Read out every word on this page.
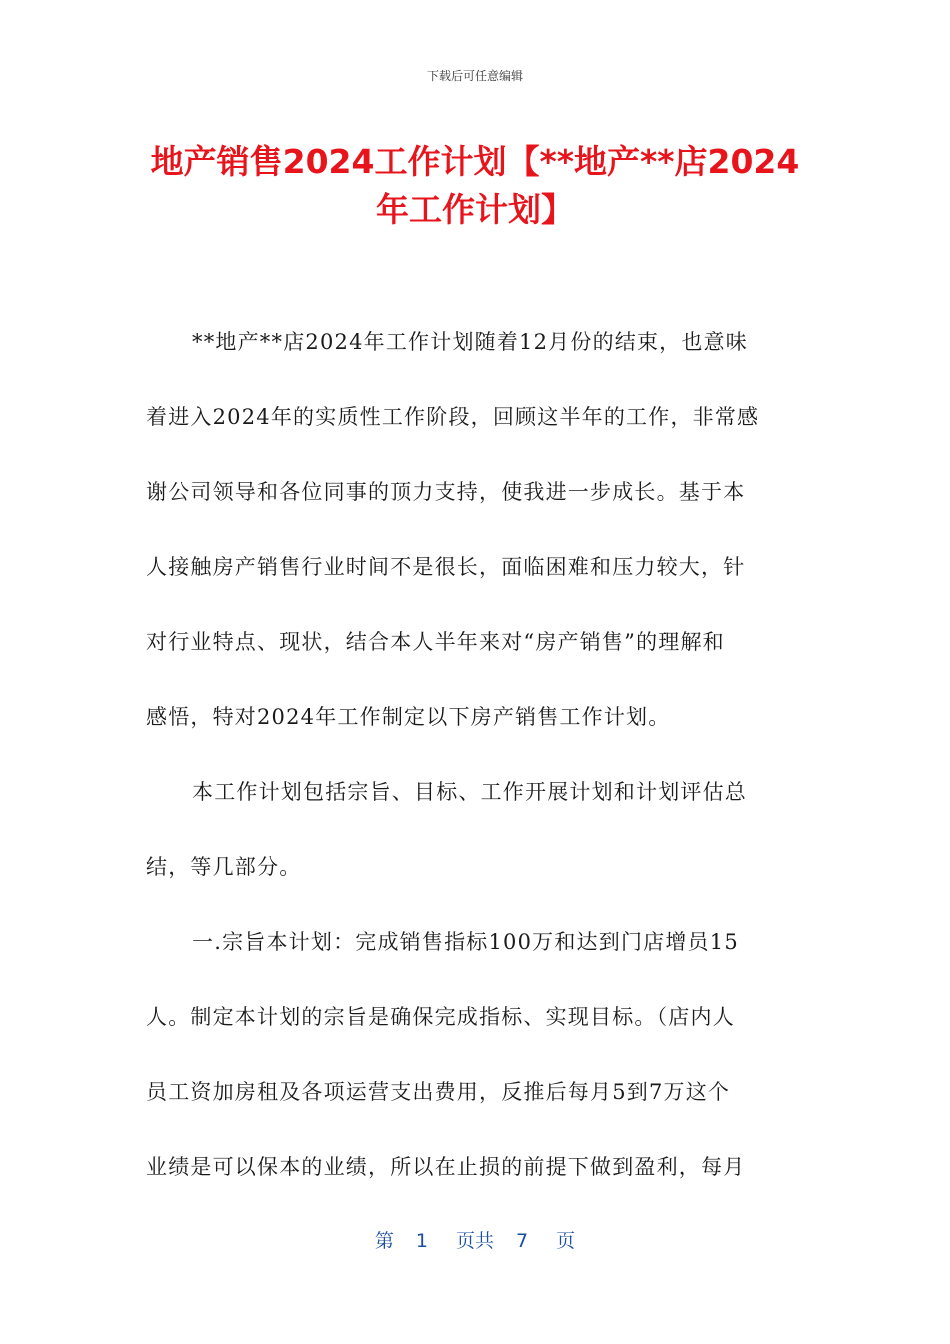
下载后可任意编辑
地产销售2024工作计划【**地产**店2024年工作计划】
**地产**店2024年工作计划随着12月份的结束，也意味
着进入2024年的实质性工作阶段，回顾这半年的工作，非常感
谢公司领导和各位同事的顶力支持，使我进一步成长。基于本
人接触房产销售行业时间不是很长，面临困难和压力较大，针
对行业特点、现状，结合本人半年来对“房产销售”的理解和
感悟，特对2024年工作制定以下房产销售工作计划。
本工作计划包括宗旨、目标、工作开展计划和计划评估总
结，等几部分。
一.宗旨本计划：完成销售指标100万和达到门店增员15
人。制定本计划的宗旨是确保完成指标、实现目标。（店内人
员工资加房租及各项运营支出费用，反推后每月5到7万这个
业绩是可以保本的业绩，所以在止损的前提下做到盈利，每月
第 1 页共 7 页
